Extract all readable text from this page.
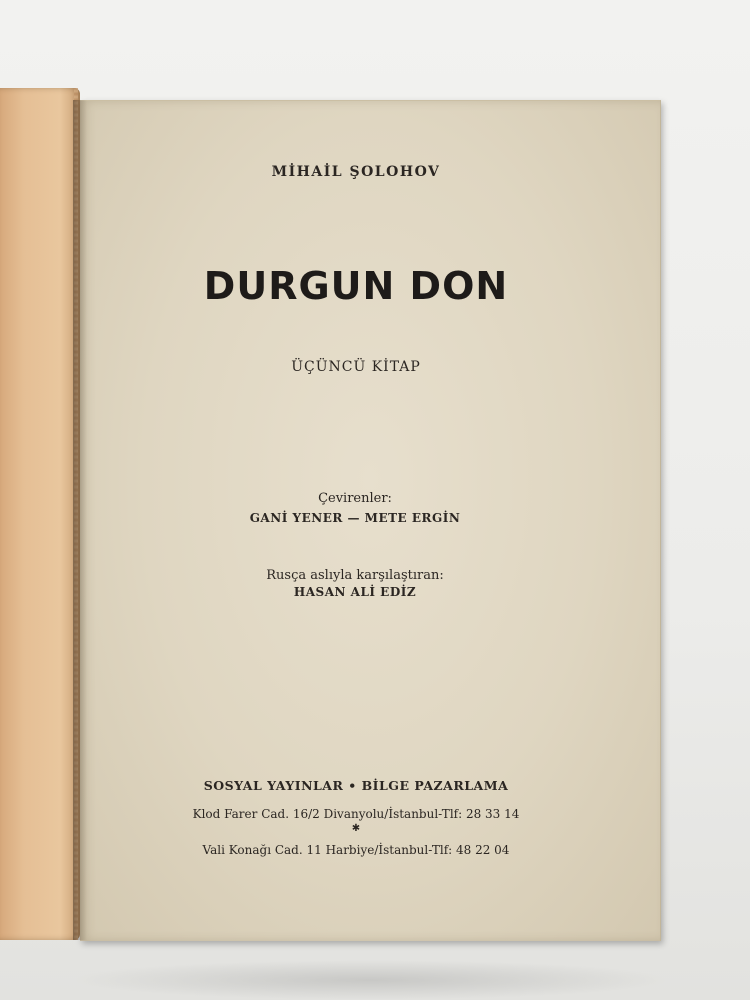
MİHAİL ŞOLOHOV
DURGUN DON
ÜÇÜNCÜ KİTAP
Çevirenler:
GANİ YENER — METE ERGİN
Rusça aslıyla karşılaştıran:
HASAN ALİ EDİZ
SOSYAL YAYINLAR • BİLGE PAZARLAMA
Klod Farer Cad. 16/2 Divanyolu/İstanbul-Tlf: 28 33 14
✱
Vali Konağı Cad. 11 Harbiye/İstanbul-Tlf: 48 22 04
